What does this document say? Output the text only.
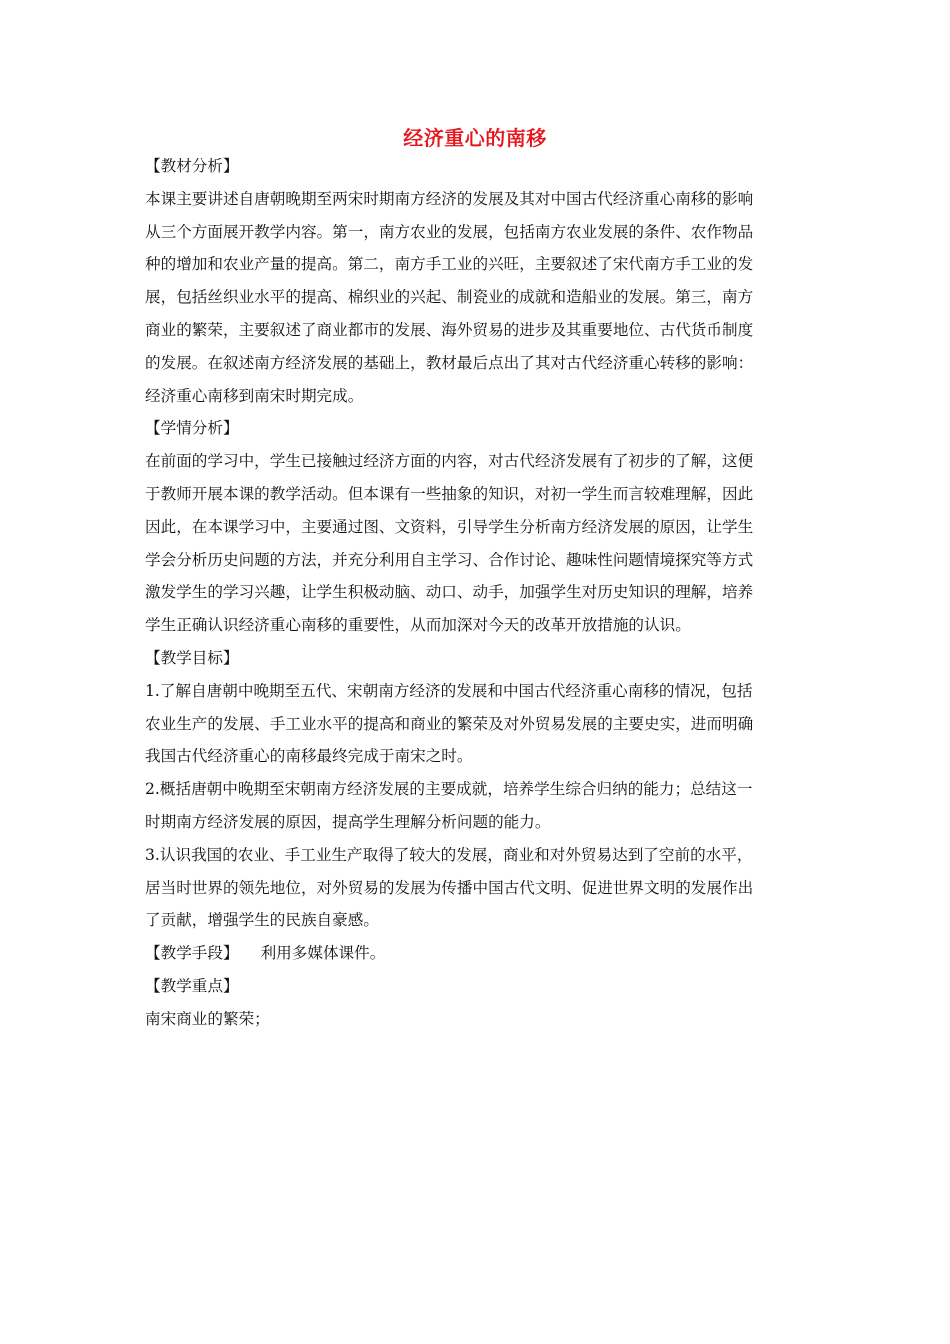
经济重心的南移
【教材分析】
本课主要讲述自唐朝晚期至两宋时期南方经济的发展及其对中国古代经济重心南移的影响
从三个方面展开教学内容。第一，南方农业的发展，包括南方农业发展的条件、农作物品
种的增加和农业产量的提高。第二，南方手工业的兴旺，主要叙述了宋代南方手工业的发
展，包括丝织业水平的提高、棉织业的兴起、制瓷业的成就和造船业的发展。第三，南方
商业的繁荣，主要叙述了商业都市的发展、海外贸易的进步及其重要地位、古代货币制度
的发展。在叙述南方经济发展的基础上，教材最后点出了其对古代经济重心转移的影响：
经济重心南移到南宋时期完成。
【学情分析】
在前面的学习中，学生已接触过经济方面的内容，对古代经济发展有了初步的了解，这便
于教师开展本课的教学活动。但本课有一些抽象的知识，对初一学生而言较难理解，因此
因此，在本课学习中，主要通过图、文资料，引导学生分析南方经济发展的原因，让学生
学会分析历史问题的方法，并充分利用自主学习、合作讨论、趣味性问题情境探究等方式
激发学生的学习兴趣，让学生积极动脑、动口、动手，加强学生对历史知识的理解，培养
学生正确认识经济重心南移的重要性，从而加深对今天的改革开放措施的认识。
【教学目标】
1.了解自唐朝中晚期至五代、宋朝南方经济的发展和中国古代经济重心南移的情况，包括
农业生产的发展、手工业水平的提高和商业的繁荣及对外贸易发展的主要史实，进而明确
我国古代经济重心的南移最终完成于南宋之时。
2.概括唐朝中晚期至宋朝南方经济发展的主要成就，培养学生综合归纳的能力；总结这一
时期南方经济发展的原因，提高学生理解分析问题的能力。
3.认识我国的农业、手工业生产取得了较大的发展，商业和对外贸易达到了空前的水平，
居当时世界的领先地位，对外贸易的发展为传播中国古代文明、促进世界文明的发展作出
了贡献，增强学生的民族自豪感。
【教学手段】 利用多媒体课件。
【教学重点】
南宋商业的繁荣；
